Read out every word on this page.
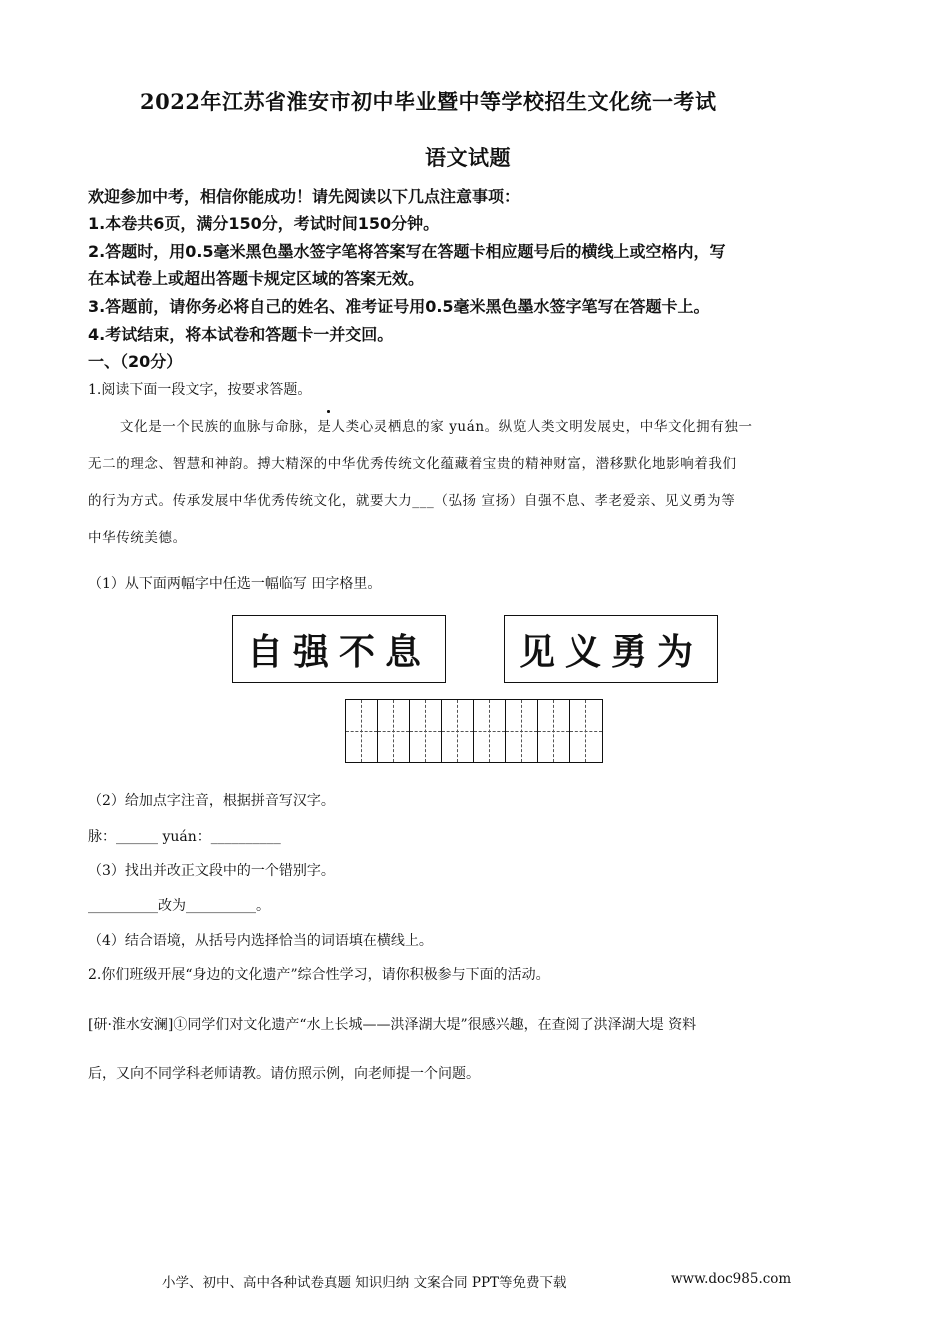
2022年江苏省淮安市初中毕业暨中等学校招生文化统一考试
语文试题
欢迎参加中考，相信你能成功！请先阅读以下几点注意事项：
1.本卷共6页，满分150分，考试时间150分钟。
2.答题时，用0.5毫米黑色墨水签字笔将答案写在答题卡相应题号后的横线上或空格内，写
在本试卷上或超出答题卡规定区域的答案无效。
3.答题前，请你务必将自己的姓名、准考证号用0.5毫米黑色墨水签字笔写在答题卡上。
4.考试结束，将本试卷和答题卡一并交回。
一、（20分）
1.阅读下面一段文字，按要求答题。
文化是一个民族的血脉与命脉，是人类心灵栖息的家 yuán。纵览人类文明发展史，中华文化拥有独一
无二的理念、智慧和神韵。搏大精深的中华优秀传统文化蕴藏着宝贵的精神财富，潜移默化地影响着我们
的行为方式。传承发展中华优秀传统文化，就要大力___（弘扬 宣扬）自强不息、孝老爱亲、见义勇为等
中华传统美德。
（1）从下面两幅字中任选一幅临写 田字格里。
自强不息 见义勇为
（2）给加点字注音，根据拼音写汉字。
脉：______ yuán：__________
（3）找出并改正文段中的一个错别字。
__________改为__________。
（4）结合语境，从括号内选择恰当的词语填在横线上。
2.你们班级开展“身边的文化遗产”综合性学习，请你积极参与下面的活动。
[研·淮水安澜]①同学们对文化遗产“水上长城——洪泽湖大堤”很感兴趣，在查阅了洪泽湖大堤 资料
后，又向不同学科老师请教。请仿照示例，向老师提一个问题。
小学、初中、高中各种试卷真题 知识归纳 文案合同 PPT等免费下载	www.doc985.com
